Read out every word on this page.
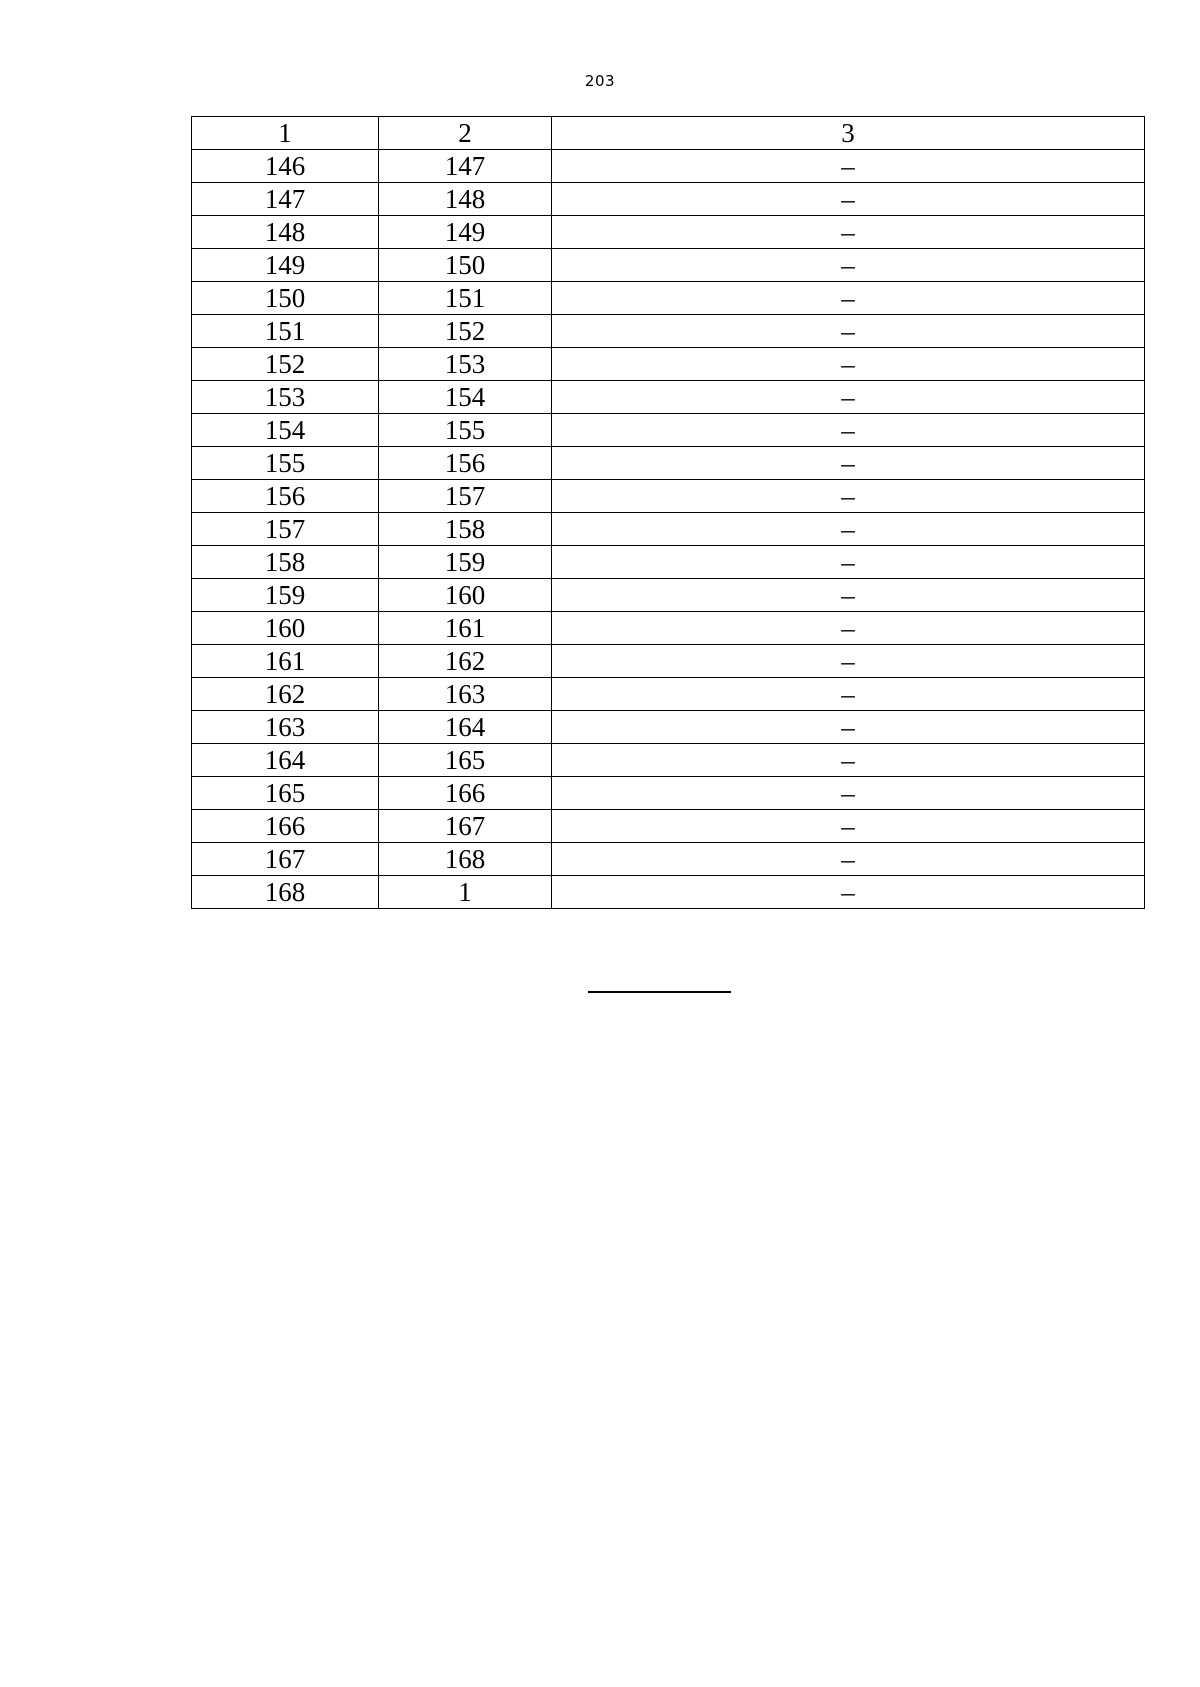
203
1	2	3
146	147	–
147	148	–
148	149	–
149	150	–
150	151	–
151	152	–
152	153	–
153	154	–
154	155	–
155	156	–
156	157	–
157	158	–
158	159	–
159	160	–
160	161	–
161	162	–
162	163	–
163	164	–
164	165	–
165	166	–
166	167	–
167	168	–
168	1	–
